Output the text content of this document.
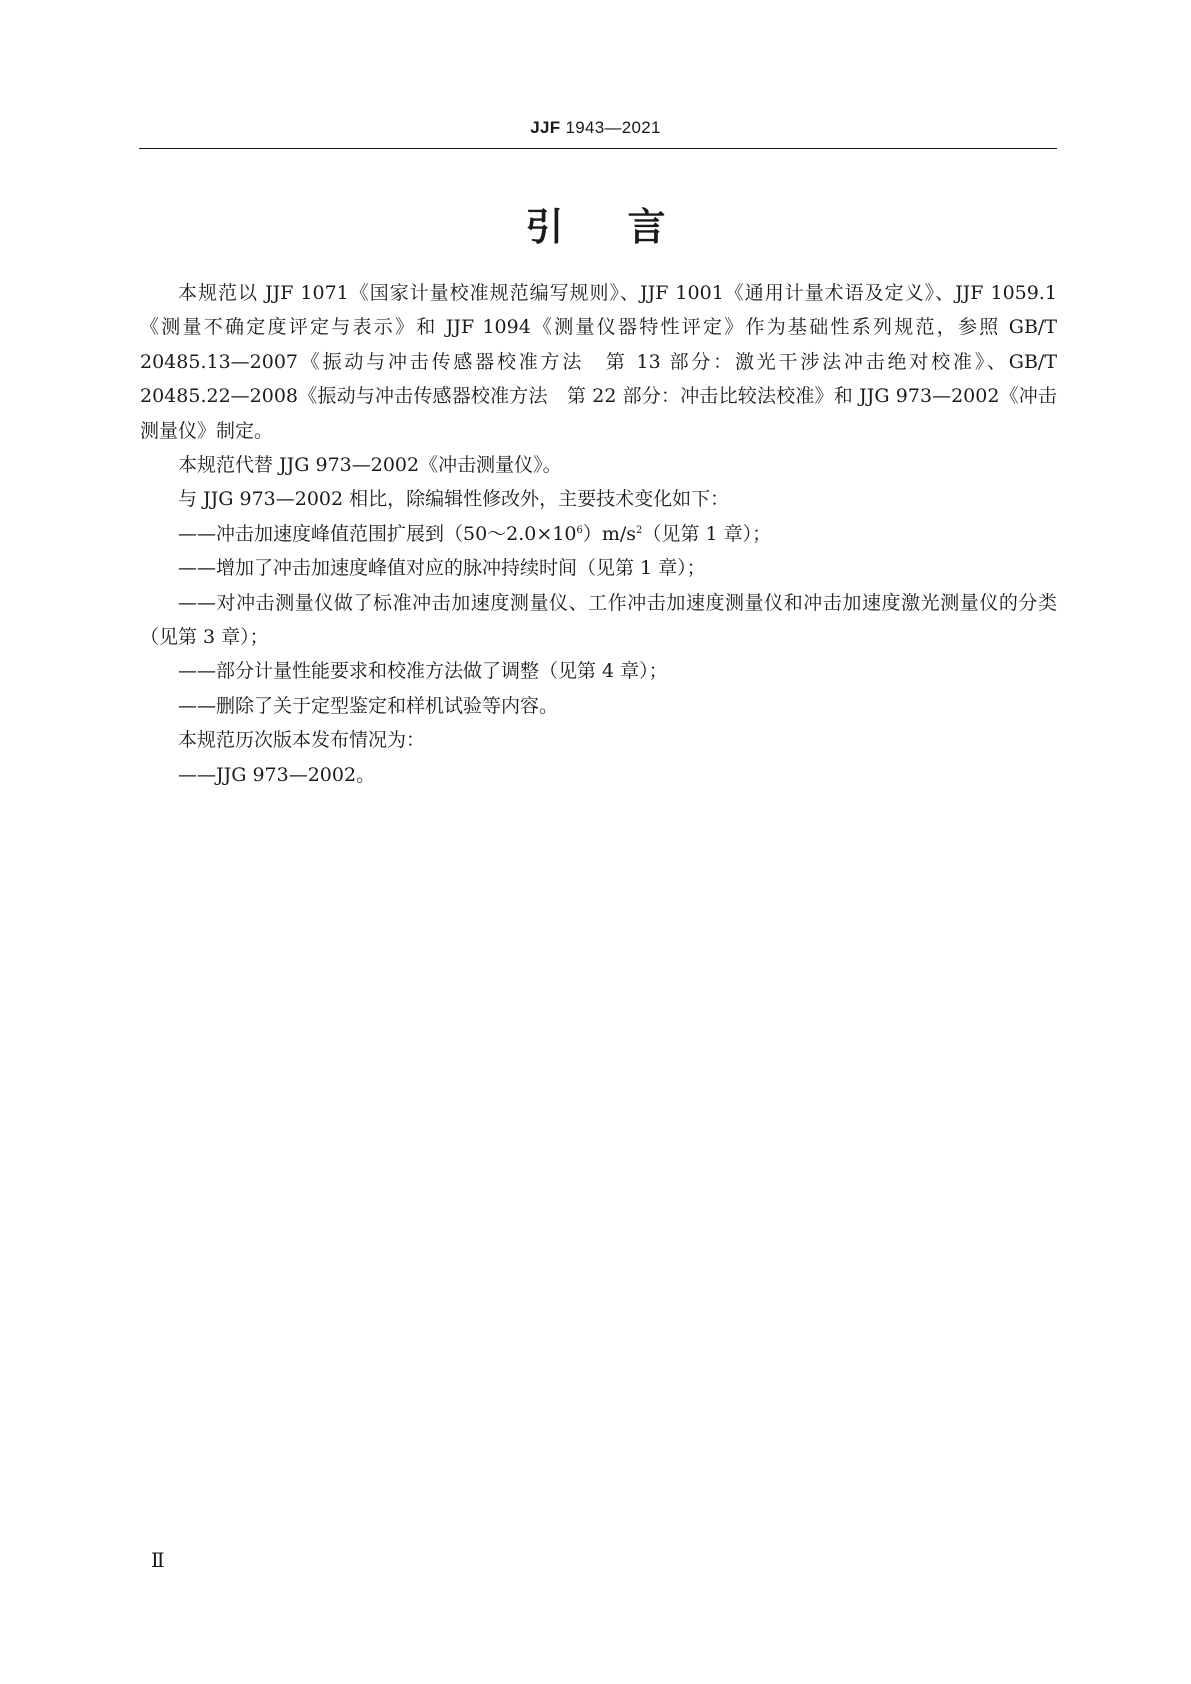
JJF 1943—2021
引言

本规范以 JJF 1071《国家计量校准规范编写规则》、JJF 1001《通用计量术语及定义》、JJF 1059.1《测量不确定度评定与表示》和 JJF 1094《测量仪器特性评定》作为基础性系列规范，参照 GB/T 20485.13—2007《振动与冲击传感器校准方法　第 13 部分：激光干涉法冲击绝对校准》、GB/T 20485.22—2008《振动与冲击传感器校准方法　第 22 部分：冲击比较法校准》和 JJG 973—2002《冲击测量仪》制定。

本规范代替 JJG 973—2002《冲击测量仪》。

与 JJG 973—2002 相比，除编辑性修改外，主要技术变化如下：

——冲击加速度峰值范围扩展到$(50\sim 2.0\times 10^6)m/s^2$（见第 1 章）；

——增加了冲击加速度峰值对应的脉冲持续时间（见第 1 章）；

——对冲击测量仪做了标准冲击加速度测量仪、工作冲击加速度测量仪和冲击加速度激光测量仪的分类（见第 3 章）；

——部分计量性能要求和校准方法做了调整（见第 4 章）；

——删除了关于定型鉴定和样机试验等内容。

本规范历次版本发布情况为：

——JJG 973—2002。

Ⅱ
